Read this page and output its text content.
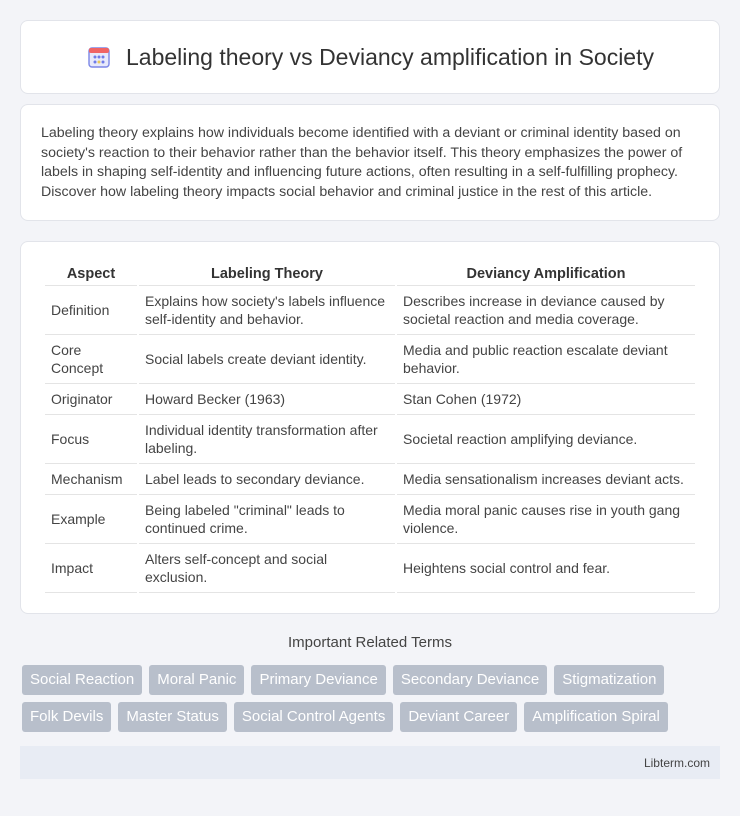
Labeling theory vs Deviancy amplification in Society

Labeling theory explains how individuals become identified with a deviant or criminal identity based on society's reaction to their behavior rather than the behavior itself. This theory emphasizes the power of labels in shaping self-identity and influencing future actions, often resulting in a self-fulfilling prophecy. Discover how labeling theory impacts social behavior and criminal justice in the rest of this article.

Aspect	Labeling Theory	Deviancy Amplification
Definition	Explains how society's labels influence self-identity and behavior.	Describes increase in deviance caused by societal reaction and media coverage.
Core Concept	Social labels create deviant identity.	Media and public reaction escalate deviant behavior.
Originator	Howard Becker (1963)	Stan Cohen (1972)
Focus	Individual identity transformation after labeling.	Societal reaction amplifying deviance.
Mechanism	Label leads to secondary deviance.	Media sensationalism increases deviant acts.
Example	Being labeled "criminal" leads to continued crime.	Media moral panic causes rise in youth gang violence.
Impact	Alters self-concept and social exclusion.	Heightens social control and fear.
Important Related Terms
Social Reaction	Moral Panic	Primary Deviance	Secondary Deviance	Stigmatization
Folk Devils	Master Status	Social Control Agents	Deviant Career	Amplification Spiral
Libterm.com
